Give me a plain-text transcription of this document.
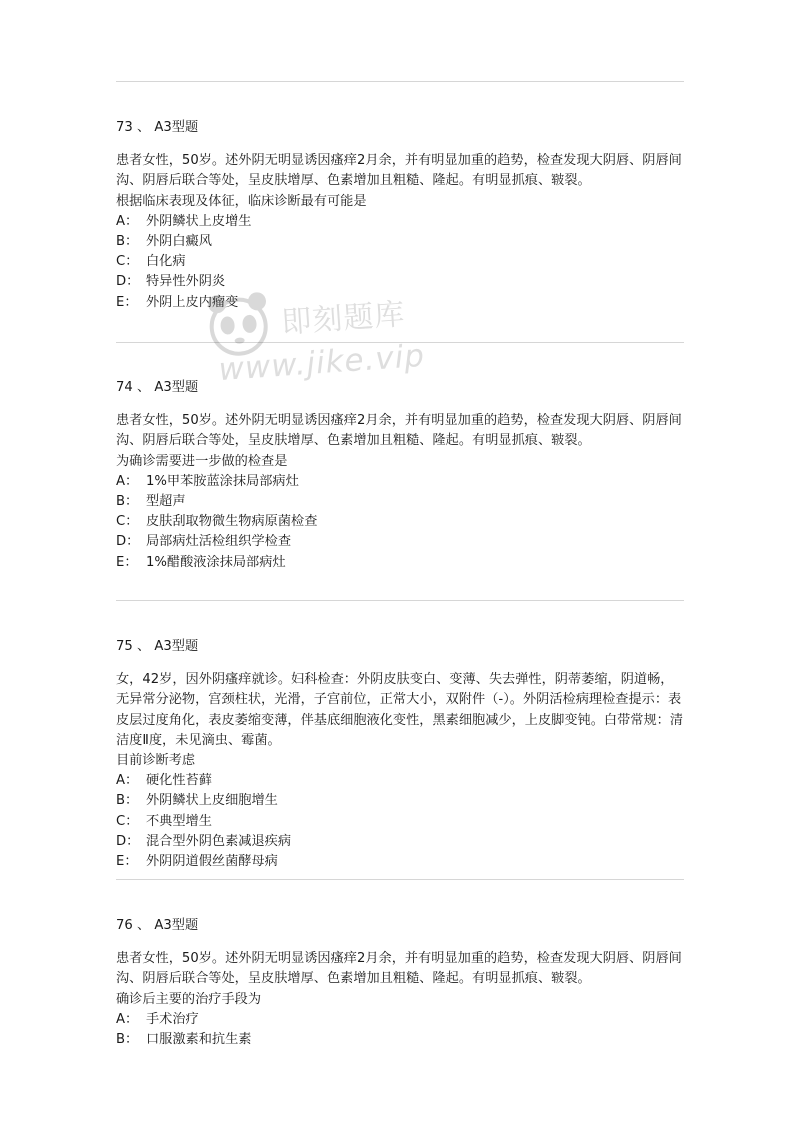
73 、 A3型题
患者女性，50岁。述外阴无明显诱因瘙痒2月余，并有明显加重的趋势，检查发现大阴唇、阴唇间沟、阴唇后联合等处，呈皮肤增厚、色素增加且粗糙、隆起。有明显抓痕、皲裂。
根据临床表现及体征，临床诊断最有可能是
A： 外阴鳞状上皮增生
B： 外阴白癜风
C： 白化病
D： 特异性外阴炎
E： 外阴上皮内瘤变
74 、 A3型题
患者女性，50岁。述外阴无明显诱因瘙痒2月余，并有明显加重的趋势，检查发现大阴唇、阴唇间沟、阴唇后联合等处，呈皮肤增厚、色素增加且粗糙、隆起。有明显抓痕、皲裂。
为确诊需要进一步做的检查是
A： 1%甲苯胺蓝涂抹局部病灶
B： 型超声
C： 皮肤刮取物微生物病原菌检查
D： 局部病灶活检组织学检查
E： 1%醋酸液涂抹局部病灶
75 、 A3型题
女，42岁，因外阴瘙痒就诊。妇科检查：外阴皮肤变白、变薄、失去弹性，阴蒂萎缩，阴道畅，无异常分泌物，宫颈柱状，光滑，子宫前位，正常大小，双附件（-）。外阴活检病理检查提示：表皮层过度角化，表皮萎缩变薄，伴基底细胞液化变性，黑素细胞减少，上皮脚变钝。白带常规：清洁度Ⅱ度，未见滴虫、霉菌。
目前诊断考虑
A： 硬化性苔藓
B： 外阴鳞状上皮细胞增生
C： 不典型增生
D： 混合型外阴色素减退疾病
E： 外阴阴道假丝菌酵母病
76 、 A3型题
患者女性，50岁。述外阴无明显诱因瘙痒2月余，并有明显加重的趋势，检查发现大阴唇、阴唇间沟、阴唇后联合等处，呈皮肤增厚、色素增加且粗糙、隆起。有明显抓痕、皲裂。
确诊后主要的治疗手段为
A： 手术治疗
B： 口服激素和抗生素
即刻题库
www.jike.vip
